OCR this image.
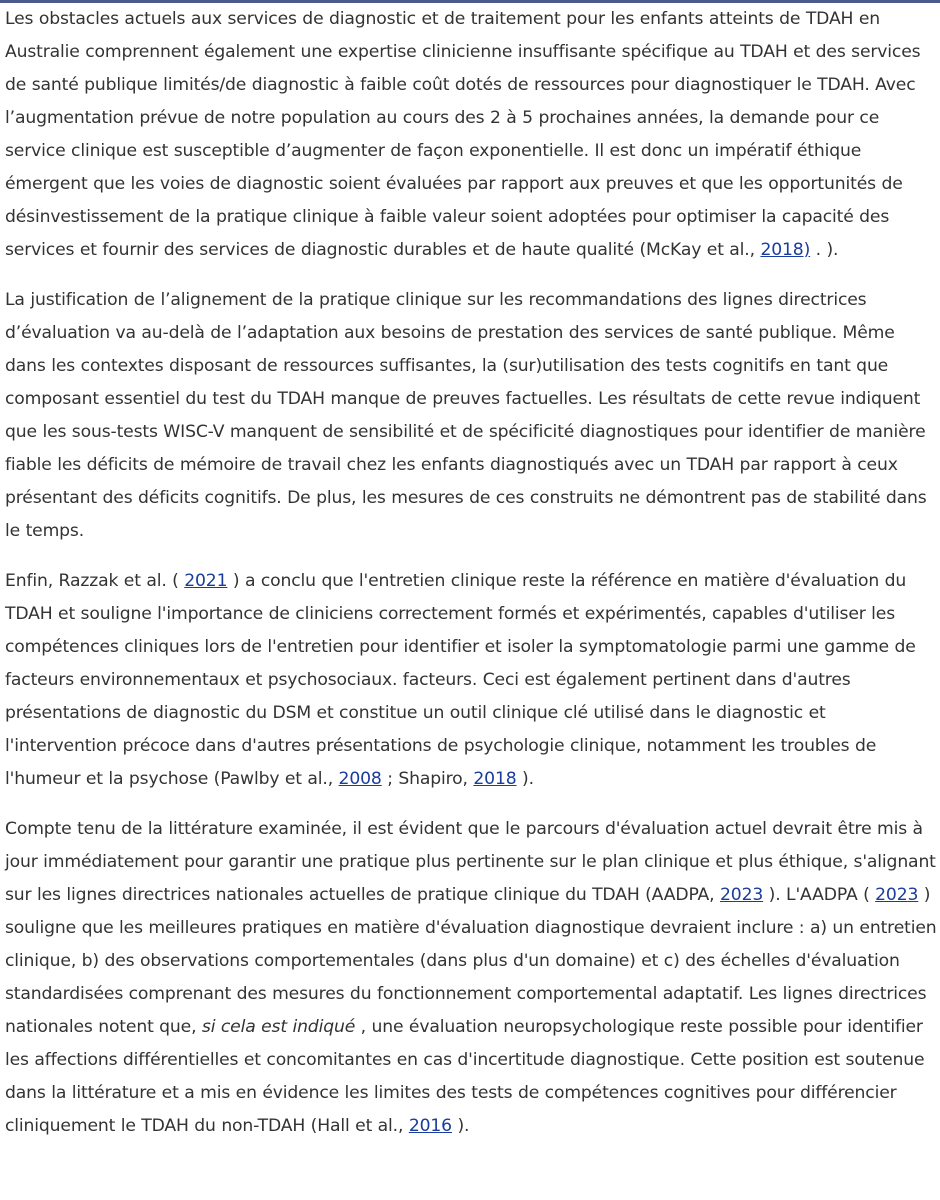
Les obstacles actuels aux services de diagnostic et de traitement pour les enfants atteints de TDAH en Australie comprennent également une expertise clinicienne insuffisante spécifique au TDAH et des services de santé publique limités/de diagnostic à faible coût dotés de ressources pour diagnostiquer le TDAH. Avec l’augmentation prévue de notre population au cours des 2 à 5 prochaines années, la demande pour ce service clinique est susceptible d’augmenter de façon exponentielle. Il est donc un impératif éthique émergent que les voies de diagnostic soient évaluées par rapport aux preuves et que les opportunités de désinvestissement de la pratique clinique à faible valeur soient adoptées pour optimiser la capacité des services et fournir des services de diagnostic durables et de haute qualité (McKay et al., 2018) . ).

La justification de l’alignement de la pratique clinique sur les recommandations des lignes directrices d’évaluation va au-delà de l’adaptation aux besoins de prestation des services de santé publique. Même dans les contextes disposant de ressources suffisantes, la (sur)utilisation des tests cognitifs en tant que composant essentiel du test du TDAH manque de preuves factuelles. Les résultats de cette revue indiquent que les sous-tests WISC-V manquent de sensibilité et de spécificité diagnostiques pour identifier de manière fiable les déficits de mémoire de travail chez les enfants diagnostiqués avec un TDAH par rapport à ceux présentant des déficits cognitifs. De plus, les mesures de ces construits ne démontrent pas de stabilité dans le temps.

Enfin, Razzak et al. ( 2021 ) a conclu que l'entretien clinique reste la référence en matière d'évaluation du TDAH et souligne l'importance de cliniciens correctement formés et expérimentés, capables d'utiliser les compétences cliniques lors de l'entretien pour identifier et isoler la symptomatologie parmi une gamme de facteurs environnementaux et psychosociaux. facteurs. Ceci est également pertinent dans d'autres présentations de diagnostic du DSM et constitue un outil clinique clé utilisé dans le diagnostic et l'intervention précoce dans d'autres présentations de psychologie clinique, notamment les troubles de l'humeur et la psychose (Pawlby et al., 2008 ; Shapiro, 2018 ).

Compte tenu de la littérature examinée, il est évident que le parcours d'évaluation actuel devrait être mis à jour immédiatement pour garantir une pratique plus pertinente sur le plan clinique et plus éthique, s'alignant sur les lignes directrices nationales actuelles de pratique clinique du TDAH (AADPA, 2023 ). L'AADPA ( 2023 ) souligne que les meilleures pratiques en matière d'évaluation diagnostique devraient inclure : a) un entretien clinique, b) des observations comportementales (dans plus d'un domaine) et c) des échelles d'évaluation standardisées comprenant des mesures du fonctionnement comportemental adaptatif. Les lignes directrices nationales notent que, si cela est indiqué , une évaluation neuropsychologique reste possible pour identifier les affections différentielles et concomitantes en cas d'incertitude diagnostique. Cette position est soutenue dans la littérature et a mis en évidence les limites des tests de compétences cognitives pour différencier cliniquement le TDAH du non-TDAH (Hall et al., 2016 ).
